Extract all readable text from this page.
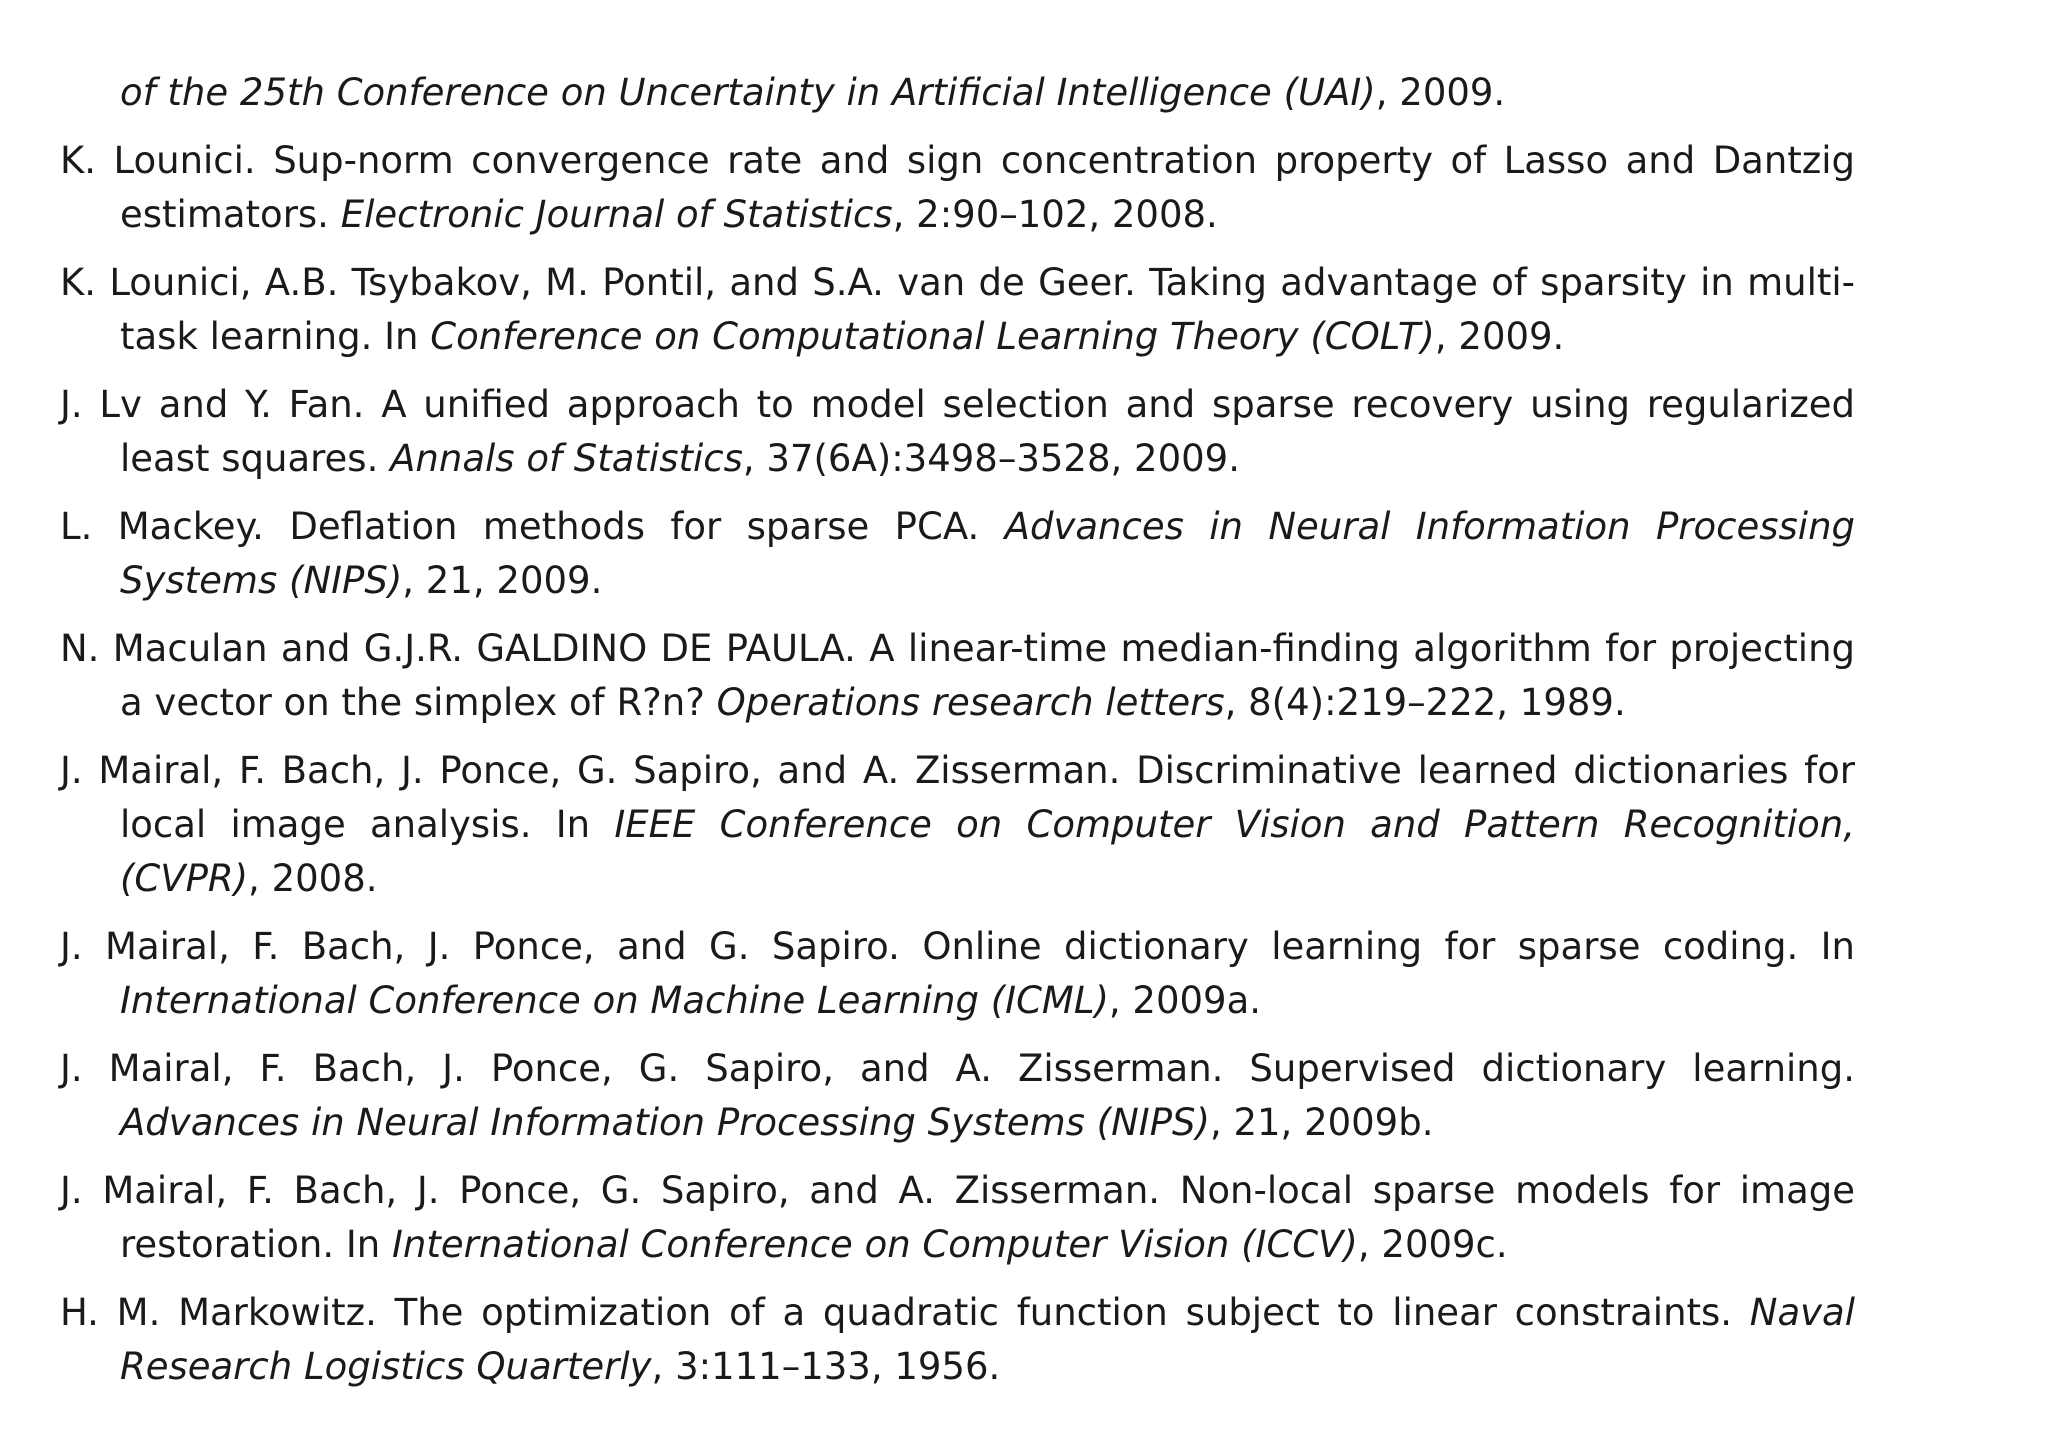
of the 25th Conference on Uncertainty in Artificial Intelligence (UAI), 2009.

K. Lounici. Sup-norm convergence rate and sign concentration property of Lasso and Dantzig estimators. Electronic Journal of Statistics, 2:90–102, 2008.

K. Lounici, A.B. Tsybakov, M. Pontil, and S.A. van de Geer. Taking advantage of sparsity in multi-task learning. In Conference on Computational Learning Theory (COLT), 2009.

J. Lv and Y. Fan. A unified approach to model selection and sparse recovery using regularized least squares. Annals of Statistics, 37(6A):3498–3528, 2009.

L. Mackey. Deflation methods for sparse PCA. Advances in Neural Information Processing Systems (NIPS), 21, 2009.

N. Maculan and G.J.R. GALDINO DE PAULA. A linear-time median-finding algorithm for projecting a vector on the simplex of R?n? Operations research letters, 8(4):219–222, 1989.

J. Mairal, F. Bach, J. Ponce, G. Sapiro, and A. Zisserman. Discriminative learned dictionaries for local image analysis. In IEEE Conference on Computer Vision and Pattern Recognition, (CVPR), 2008.

J. Mairal, F. Bach, J. Ponce, and G. Sapiro. Online dictionary learning for sparse coding. In International Conference on Machine Learning (ICML), 2009a.

J. Mairal, F. Bach, J. Ponce, G. Sapiro, and A. Zisserman. Supervised dictionary learning. Advances in Neural Information Processing Systems (NIPS), 21, 2009b.

J. Mairal, F. Bach, J. Ponce, G. Sapiro, and A. Zisserman. Non-local sparse models for image restoration. In International Conference on Computer Vision (ICCV), 2009c.

H. M. Markowitz. The optimization of a quadratic function subject to linear constraints. Naval Research Logistics Quarterly, 3:111–133, 1956.
